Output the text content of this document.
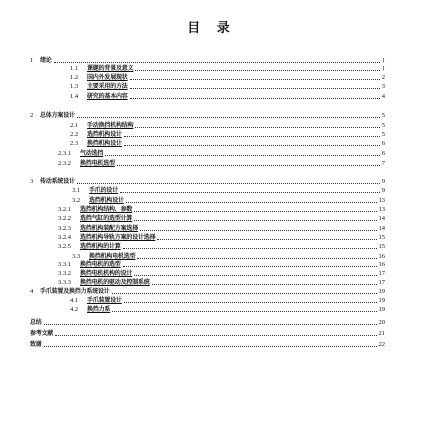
目 录
1 绪论	1
1.1 课题的背景及意义	1
1.2 国内外发展现状	2
1.3 主要采用的方法	3
1.4 研究的基本内容	4
2 总体方案设计	5
2.1 手动换挡机构结构	5
2.2 选挡机构设计	5
2.3 换挡机构设计	6
2.3.1 气动选挡	6
2.3.2 换挡电机选型	7
3 传动系统设计	9
3.1 手爪的设计	9
3.2 选挡机构设计	13
3.2.1 选挡机构结构、参数	13
3.2.2 选挡气缸的选型计算	14
3.2.3 选挡机构装配方案选择	14
3.2.4 选挡机构导轨方案的设计选择	15
3.2.5 选挡机构的计算	15
3.3 换挡机构电机选型	16
3.3.1 换挡电机的选型	16
3.3.2 换挡电机机构的设计	17
3.3.3 换挡电机的驱动及控制系统	17
4 手爪装置及换挡力系统设计	19
4.1 手爪装置设计	19
4.2 换挡力系	19
总结	20
参考文献	21
致谢	22
